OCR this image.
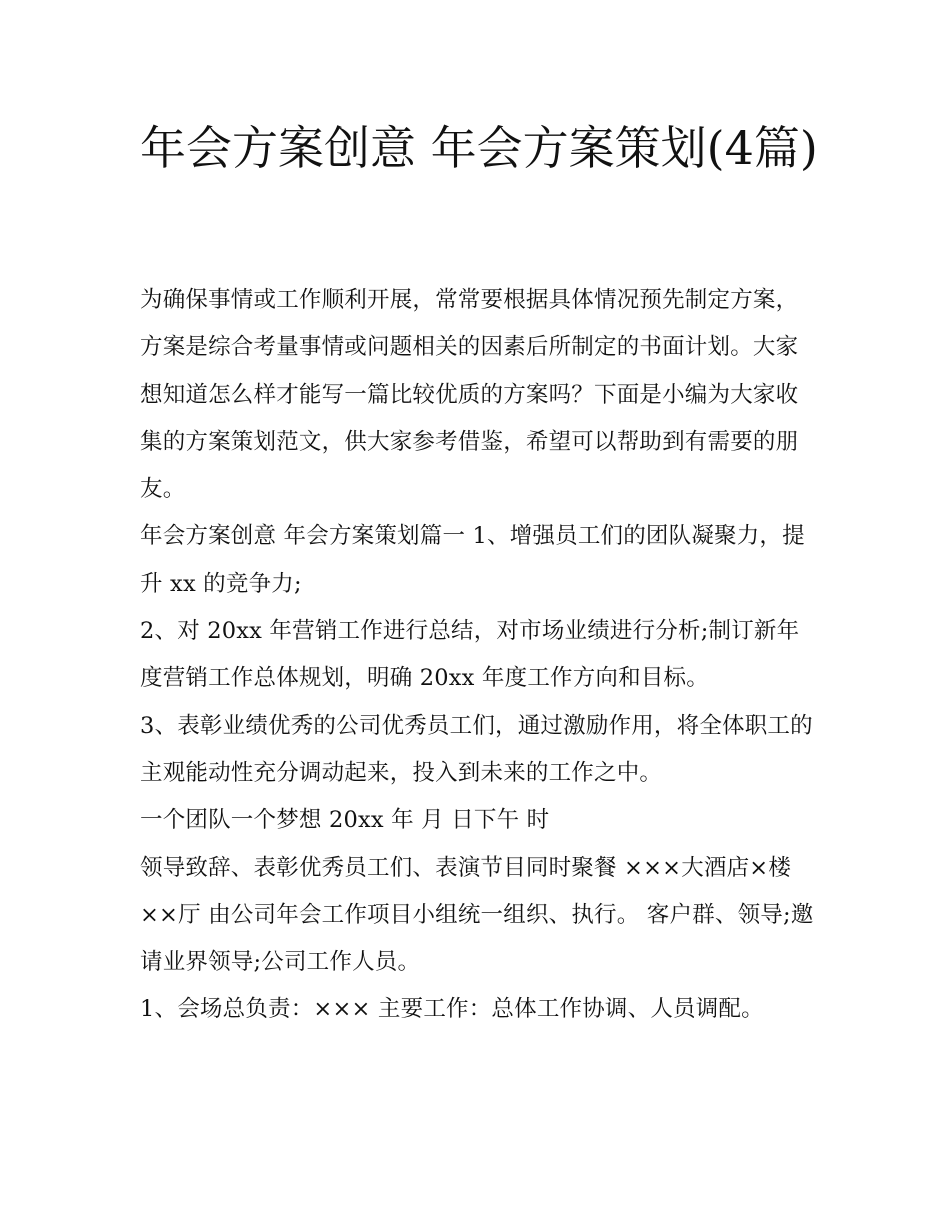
年会方案创意 年会方案策划(4篇)

为确保事情或工作顺利开展，常常要根据具体情况预先制定方案，方案是综合考量事情或问题相关的因素后所制定的书面计划。大家想知道怎么样才能写一篇比较优质的方案吗？下面是小编为大家收集的方案策划范文，供大家参考借鉴，希望可以帮助到有需要的朋友。

年会方案创意 年会方案策划篇一 1、增强员工们的团队凝聚力，提升 xx 的竞争力;

2、对 20xx 年营销工作进行总结，对市场业绩进行分析;制订新年度营销工作总体规划，明确 20xx 年度工作方向和目标。

3、表彰业绩优秀的公司优秀员工们，通过激励作用，将全体职工的主观能动性充分调动起来，投入到未来的工作之中。

一个团队一个梦想 20xx 年 月 日下午 时

领导致辞、表彰优秀员工们、表演节目同时聚餐 ×××大酒店×楼××厅 由公司年会工作项目小组统一组织、执行。 客户群、领导;邀请业界领导;公司工作人员。

1、会场总负责：××× 主要工作：总体工作协调、人员调配。
